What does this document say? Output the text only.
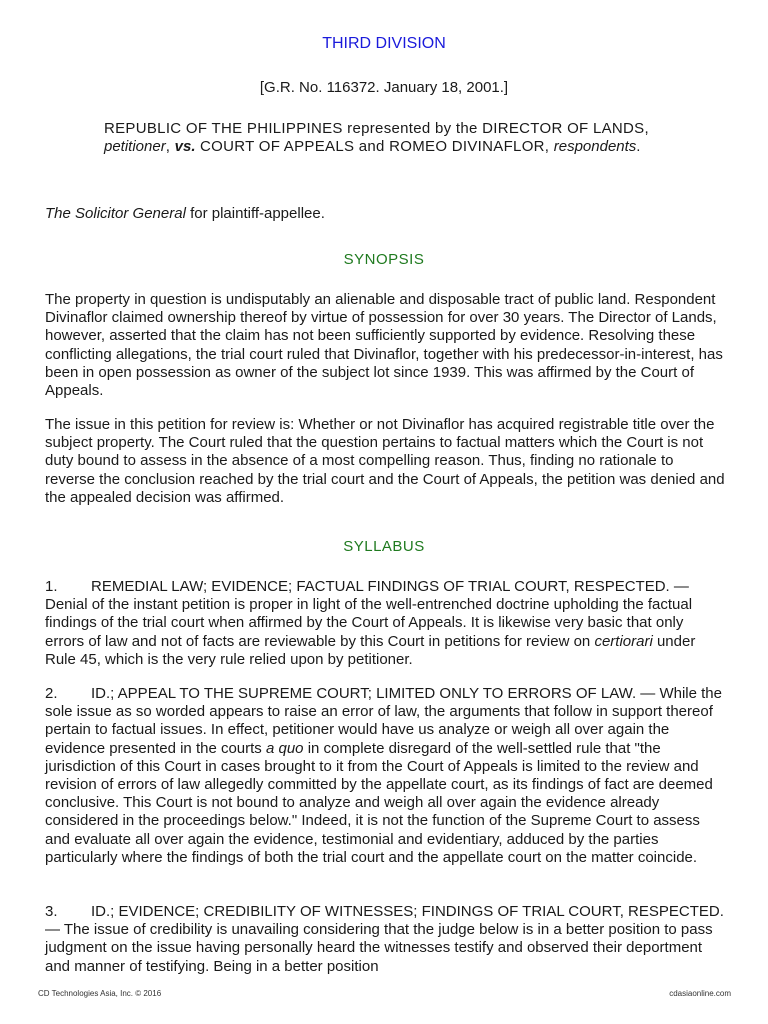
THIRD DIVISION
[G.R. No. 116372. January 18, 2001.]
REPUBLIC OF THE PHILIPPINES represented by the DIRECTOR OF LANDS, petitioner, vs. COURT OF APPEALS and ROMEO DIVINAFLOR, respondents.
The Solicitor General for plaintiff-appellee.
SYNOPSIS
The property in question is undisputably an alienable and disposable tract of public land. Respondent Divinaflor claimed ownership thereof by virtue of possession for over 30 years. The Director of Lands, however, asserted that the claim has not been sufficiently supported by evidence. Resolving these conflicting allegations, the trial court ruled that Divinaflor, together with his predecessor-in-interest, has been in open possession as owner of the subject lot since 1939. This was affirmed by the Court of Appeals.
The issue in this petition for review is: Whether or not Divinaflor has acquired registrable title over the subject property. The Court ruled that the question pertains to factual matters which the Court is not duty bound to assess in the absence of a most compelling reason. Thus, finding no rationale to reverse the conclusion reached by the trial court and the Court of Appeals, the petition was denied and the appealed decision was affirmed.
SYLLABUS
1. REMEDIAL LAW; EVIDENCE; FACTUAL FINDINGS OF TRIAL COURT, RESPECTED. — Denial of the instant petition is proper in light of the well-entrenched doctrine upholding the factual findings of the trial court when affirmed by the Court of Appeals. It is likewise very basic that only errors of law and not of facts are reviewable by this Court in petitions for review on certiorari under Rule 45, which is the very rule relied upon by petitioner.
2. ID.; APPEAL TO THE SUPREME COURT; LIMITED ONLY TO ERRORS OF LAW. — While the sole issue as so worded appears to raise an error of law, the arguments that follow in support thereof pertain to factual issues. In effect, petitioner would have us analyze or weigh all over again the evidence presented in the courts a quo in complete disregard of the well-settled rule that "the jurisdiction of this Court in cases brought to it from the Court of Appeals is limited to the review and revision of errors of law allegedly committed by the appellate court, as its findings of fact are deemed conclusive. This Court is not bound to analyze and weigh all over again the evidence already considered in the proceedings below." Indeed, it is not the function of the Supreme Court to assess and evaluate all over again the evidence, testimonial and evidentiary, adduced by the parties particularly where the findings of both the trial court and the appellate court on the matter coincide.
3. ID.; EVIDENCE; CREDIBILITY OF WITNESSES; FINDINGS OF TRIAL COURT, RESPECTED. — The issue of credibility is unavailing considering that the judge below is in a better position to pass judgment on the issue having personally heard the witnesses testify and observed their deportment and manner of testifying. Being in a better position
CD Technologies Asia, Inc. © 2016	cdasiaonline.com
